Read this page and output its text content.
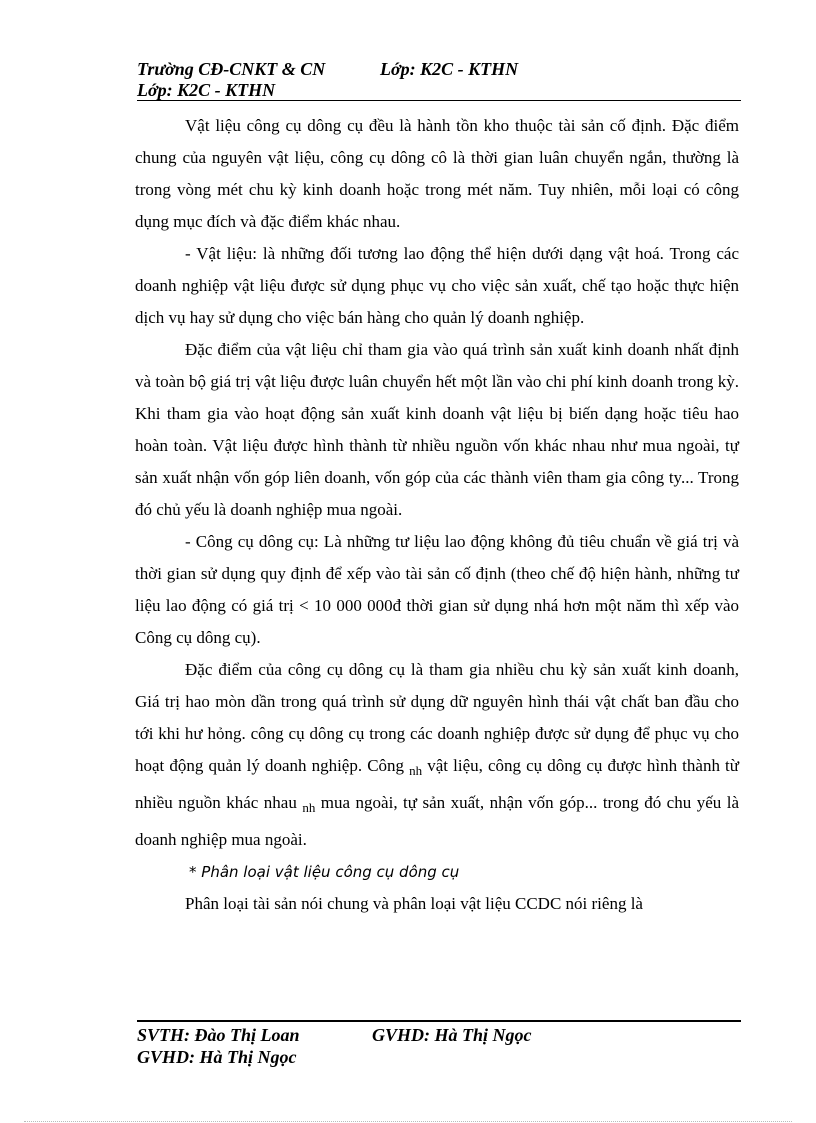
Trường CĐ-CNKT & CN	Lớp: K2C - KTHN
Lớp: K2C - KTHN

Vật liệu công cụ dông cụ đều là hành tồn kho thuộc tài sản cố định. Đặc điểm chung của nguyên vật liệu, công cụ dông cô là thời gian luân chuyển ngắn, thường là trong vòng mét chu kỳ kinh doanh hoặc trong mét năm. Tuy nhiên, mỗi loại có công dụng mục đích và đặc điểm khác nhau.

- Vật liệu: là những đối tương lao động thể hiện dưới dạng vật hoá. Trong các doanh nghiệp vật liệu được sử dụng phục vụ cho việc sản xuất, chế tạo hoặc thực hiện dịch vụ hay sử dụng cho việc bán hàng cho quản lý doanh nghiệp.

Đặc điểm của vật liệu chỉ tham gia vào quá trình sản xuất kinh doanh nhất định và toàn bộ giá trị vật liệu được luân chuyển hết một lần vào chi phí kinh doanh trong kỳ. Khi tham gia vào hoạt động sản xuất kinh doanh vật liệu bị biến dạng hoặc tiêu hao hoàn toàn. Vật liệu được hình thành từ nhiều nguồn vốn khác nhau như mua ngoài, tự sản xuất nhận vốn góp liên doanh, vốn góp của các thành viên tham gia công ty... Trong đó chủ yếu là doanh nghiệp mua ngoài.

- Công cụ dông cụ: Là những tư liệu lao động không đủ tiêu chuẩn về giá trị và thời gian sử dụng quy định để xếp vào tài sản cố định (theo chế độ hiện hành, những tư liệu lao động có giá trị < 10 000 000đ thời gian sử dụng nhá hơn một năm thì xếp vào Công cụ dông cụ).

Đặc điểm của công cụ dông cụ là tham gia nhiều chu kỳ sản xuất kinh doanh, Giá trị hao mòn dần trong quá trình sử dụng dữ nguyên hình thái vật chất ban đầu cho tới khi hư hỏng. công cụ dông cụ trong các doanh nghiệp được sử dụng để phục vụ cho hoạt động quản lý doanh nghiệp. Công $_{nh}$ vật liệu, công cụ dông cụ được hình thành từ nhiều nguồn khác nhau $_{nh}$ mua ngoài, tự sản xuất, nhận vốn góp... trong đó chu yếu là doanh nghiệp mua ngoài.

* Phân loại vật liệu công cụ dông cụ

Phân loại tài sản nói chung và phân loại vật liệu CCDC nói riêng là

SVTH: Đào Thị Loan	GVHD: Hà Thị Ngọc
GVHD: Hà Thị Ngọc
